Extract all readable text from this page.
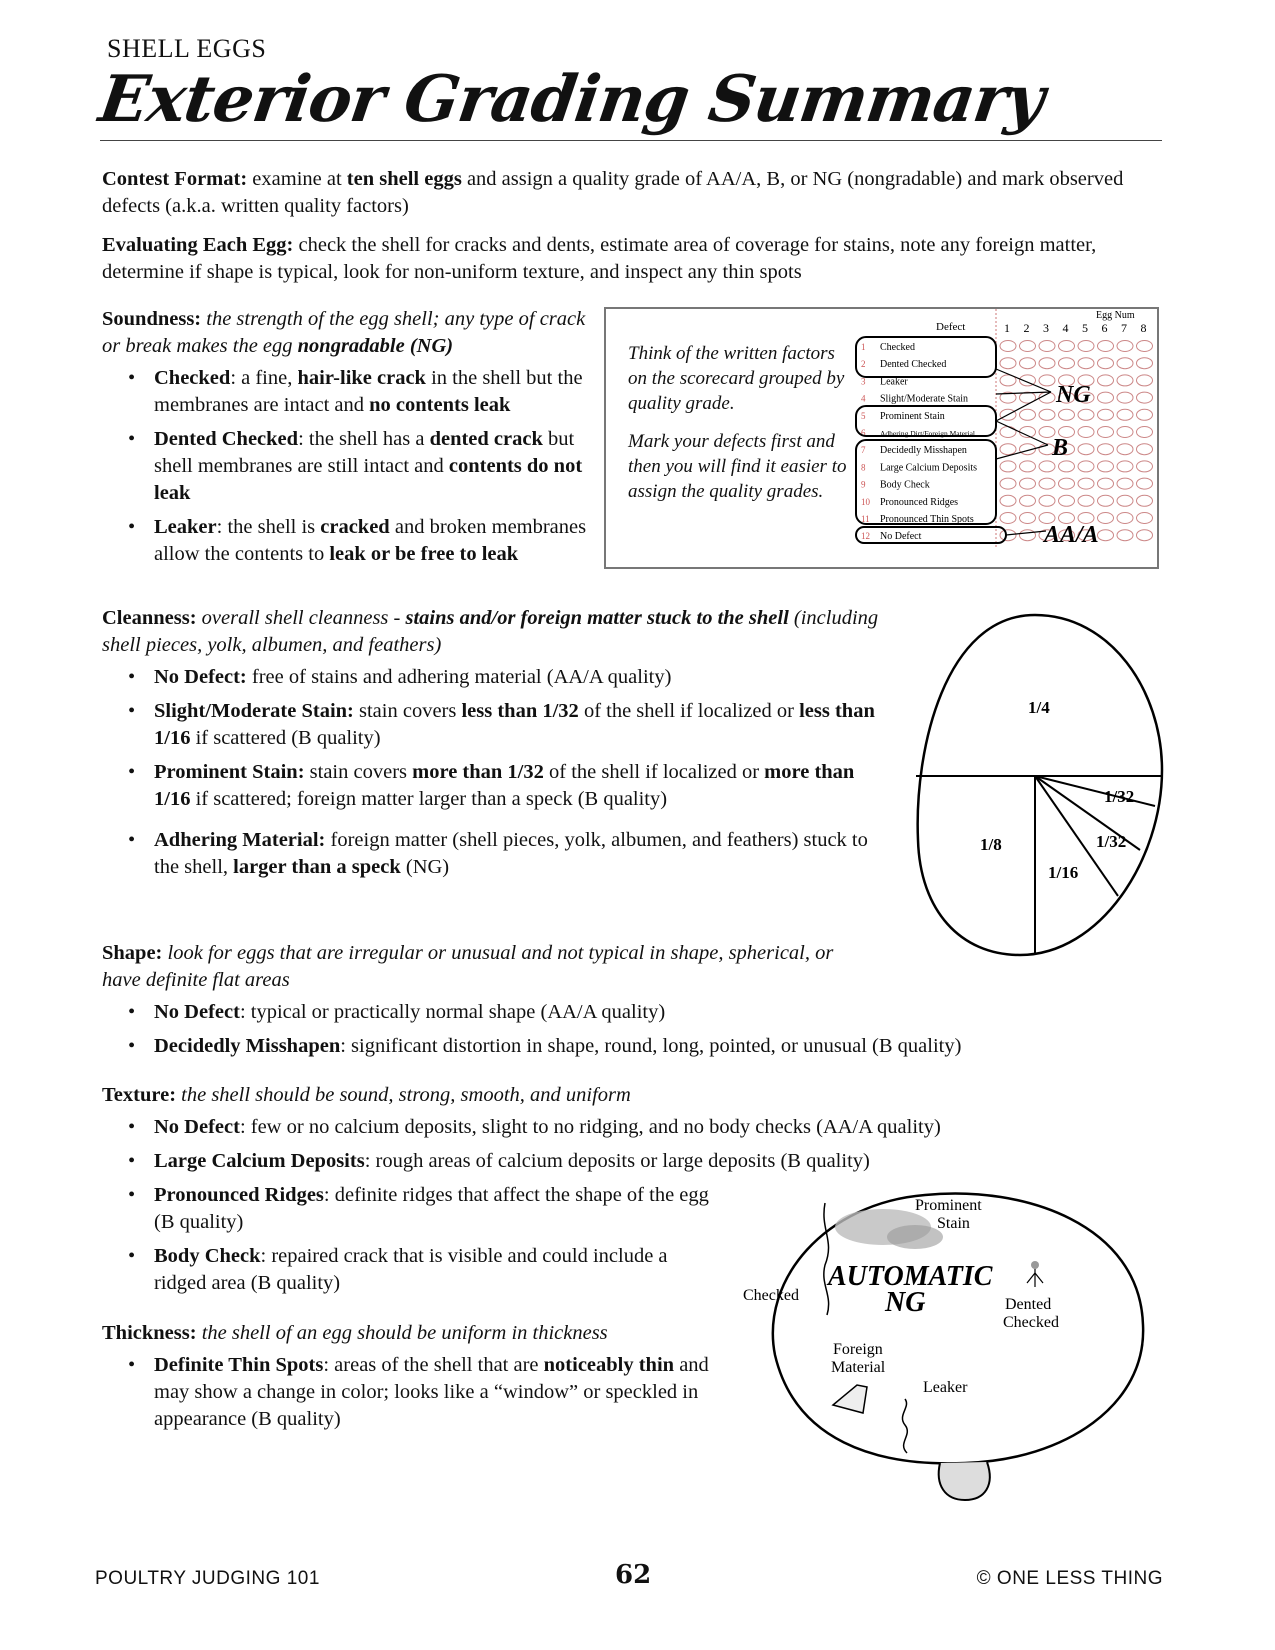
SHELL EGGS
Exterior Grading Summary

Contest Format: examine at ten shell eggs and assign a quality grade of AA/A, B, or NG (nongradable) and mark observed defects (a.k.a. written quality factors)

Evaluating Each Egg: check the shell for cracks and dents, estimate area of coverage for stains, note any foreign matter, determine if shape is typical, look for non-uniform texture, and inspect any thin spots

Soundness: the strength of the egg shell; any type of crack or break makes the egg nongradable (NG)

• Checked: a fine, hair-like crack in the shell but the membranes are intact and no contents leak
• Dented Checked: the shell has a dented crack but shell membranes are still intact and contents do not leak
• Leaker: the shell is cracked and broken membranes allow the contents to leak or be free to leak
Think of the written factors on the scorecard grouped by quality grade.
Mark your defects first and then you will find it easier to assign the quality grades.
Defect
Egg Num
1 2 3 4 5 6 7 8
1 Checked
2 Dented Checked
3 Leaker
4 Slight/Moderate Stain
5 Prominent Stain
6 Adhering Dirt/Foreign Material
7 Decidedly Misshapen
8 Large Calcium Deposits
9 Body Check
10 Pronounced Ridges
11 Pronounced Thin Spots
12 No Defect
NG
B
AA/A

Cleanness: overall shell cleanness - stains and/or foreign matter stuck to the shell (including shell pieces, yolk, albumen, and feathers)

• No Defect: free of stains and adhering material (AA/A quality)
• Slight/Moderate Stain: stain covers less than 1/32 of the shell if localized or less than 1/16 if scattered (B quality)
• Prominent Stain: stain covers more than 1/32 of the shell if localized or more than 1/16 if scattered; foreign matter larger than a speck (B quality)
• Adhering Material: foreign matter (shell pieces, yolk, albumen, and feathers) stuck to the shell, larger than a speck (NG)
1/4
1/8
1/16
1/32
1/32

Shape: look for eggs that are irregular or unusual and not typical in shape, spherical, or have definite flat areas

• No Defect: typical or practically normal shape (AA/A quality)
• Decidedly Misshapen: significant distortion in shape, round, long, pointed, or unusual (B quality)

Texture: the shell should be sound, strong, smooth, and uniform

• No Defect: few or no calcium deposits, slight to no ridging, and no body checks (AA/A quality)
• Large Calcium Deposits: rough areas of calcium deposits or large deposits (B quality)
• Pronounced Ridges: definite ridges that affect the shape of the egg (B quality)
• Body Check: repaired crack that is visible and could include a ridged area (B quality)

Thickness: the shell of an egg should be uniform in thickness

• Definite Thin Spots: areas of the shell that are noticeably thin and may show a change in color; looks like a “window” or speckled in appearance (B quality)
AUTOMATIC
NG
Prominent
Stain
Checked
Dented
Checked
Foreign
Material
Leaker
POULTRY JUDGING 101	62	© ONE LESS THING
